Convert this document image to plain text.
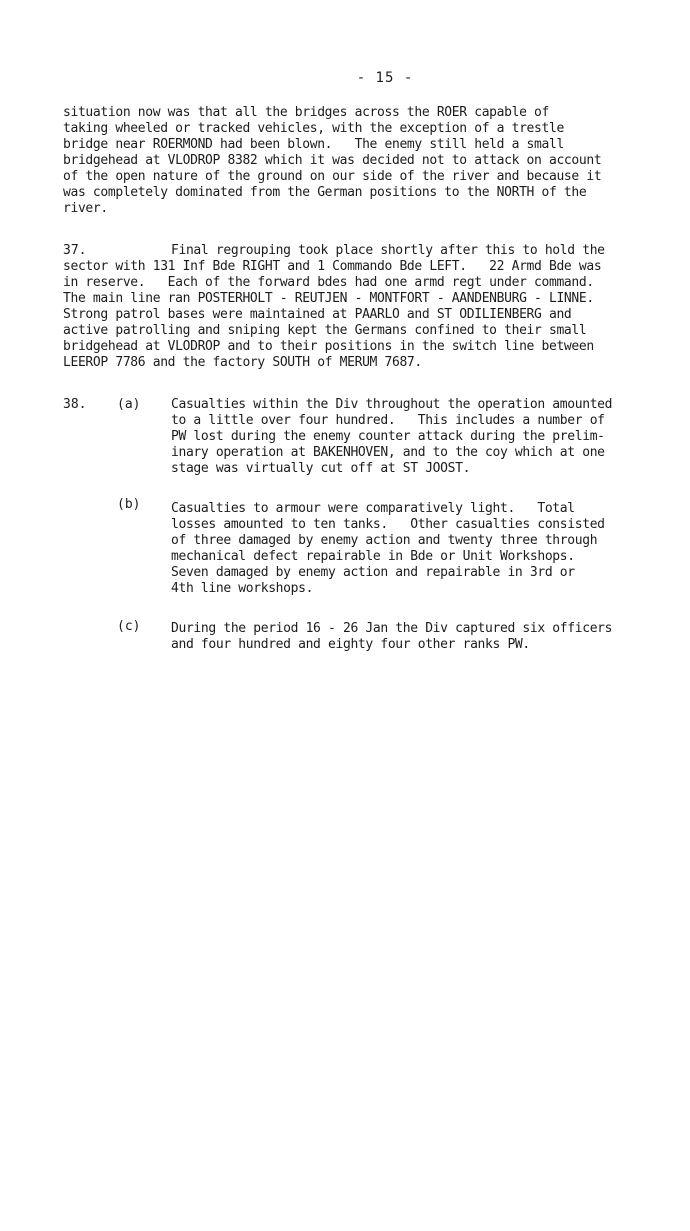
- 15 -
situation now was that all the bridges across the ROER capable of
taking wheeled or tracked vehicles, with the exception of a trestle
bridge near ROERMOND had been blown.   The enemy still held a small
bridgehead at VLODROP 8382 which it was decided not to attack on account
of the open nature of the ground on our side of the river and because it
was completely dominated from the German positions to the NORTH of the
river.
37.	Final regrouping took place shortly after this to hold the
sector with 131 Inf Bde RIGHT and 1 Commando Bde LEFT.   22 Armd Bde was
in reserve.   Each of the forward bdes had one armd regt under command.
The main line ran POSTERHOLT - REUTJEN - MONTFORT - AANDENBURG - LINNE.
Strong patrol bases were maintained at PAARLO and ST ODILIENBERG and
active patrolling and sniping kept the Germans confined to their small
bridgehead at VLODROP and to their positions in the switch line between
LEEROP 7786 and the factory SOUTH of MERUM 7687.
38. (a) Casualties within the Div throughout the operation amounted
to a little over four hundred.   This includes a number of
PW lost during the enemy counter attack during the prelim-
inary operation at BAKENHOVEN, and to the coy which at one
stage was virtually cut off at ST JOOST.
(b) Casualties to armour were comparatively light.   Total
losses amounted to ten tanks.   Other casualties consisted
of three damaged by enemy action and twenty three through
mechanical defect repairable in Bde or Unit Workshops.
Seven damaged by enemy action and repairable in 3rd or
4th line workshops.
(c) During the period 16 - 26 Jan the Div captured six officers
and four hundred and eighty four other ranks PW.
